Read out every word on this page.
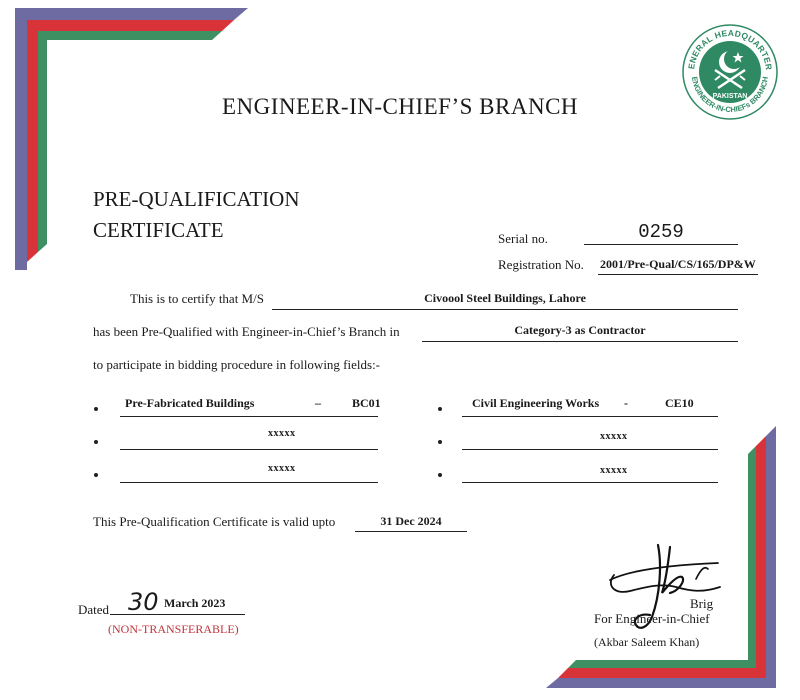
ENERAL HEADQUARTER
ENGINEER-IN-CHIEFs BRANCH
PAKISTAN
ENGINEER-IN-CHIEF’S BRANCH
PRE-QUALIFICATION
CERTIFICATE	Serial no.	0259
Registration No. 2001/Pre-Qual/CS/165/DP&W
This is to certify that M/S	Civoool Steel Buildings, Lahore
has been Pre-Qualified with Engineer-in-Chief’s Branch in	Category-3 as Contractor
to participate in bidding procedure in following fields:-
Pre-Fabricated Buildings	–	BC01
xxxxx
xxxxx
Civil Engineering Works -	CE10
xxxxx
xxxxx
This Pre-Qualification Certificate is valid upto	31 Dec 2024
Dated 30 March 2023
(NON-TRANSFERABLE)
Brig
For Engineer-in-Chief
(Akbar Saleem Khan)
